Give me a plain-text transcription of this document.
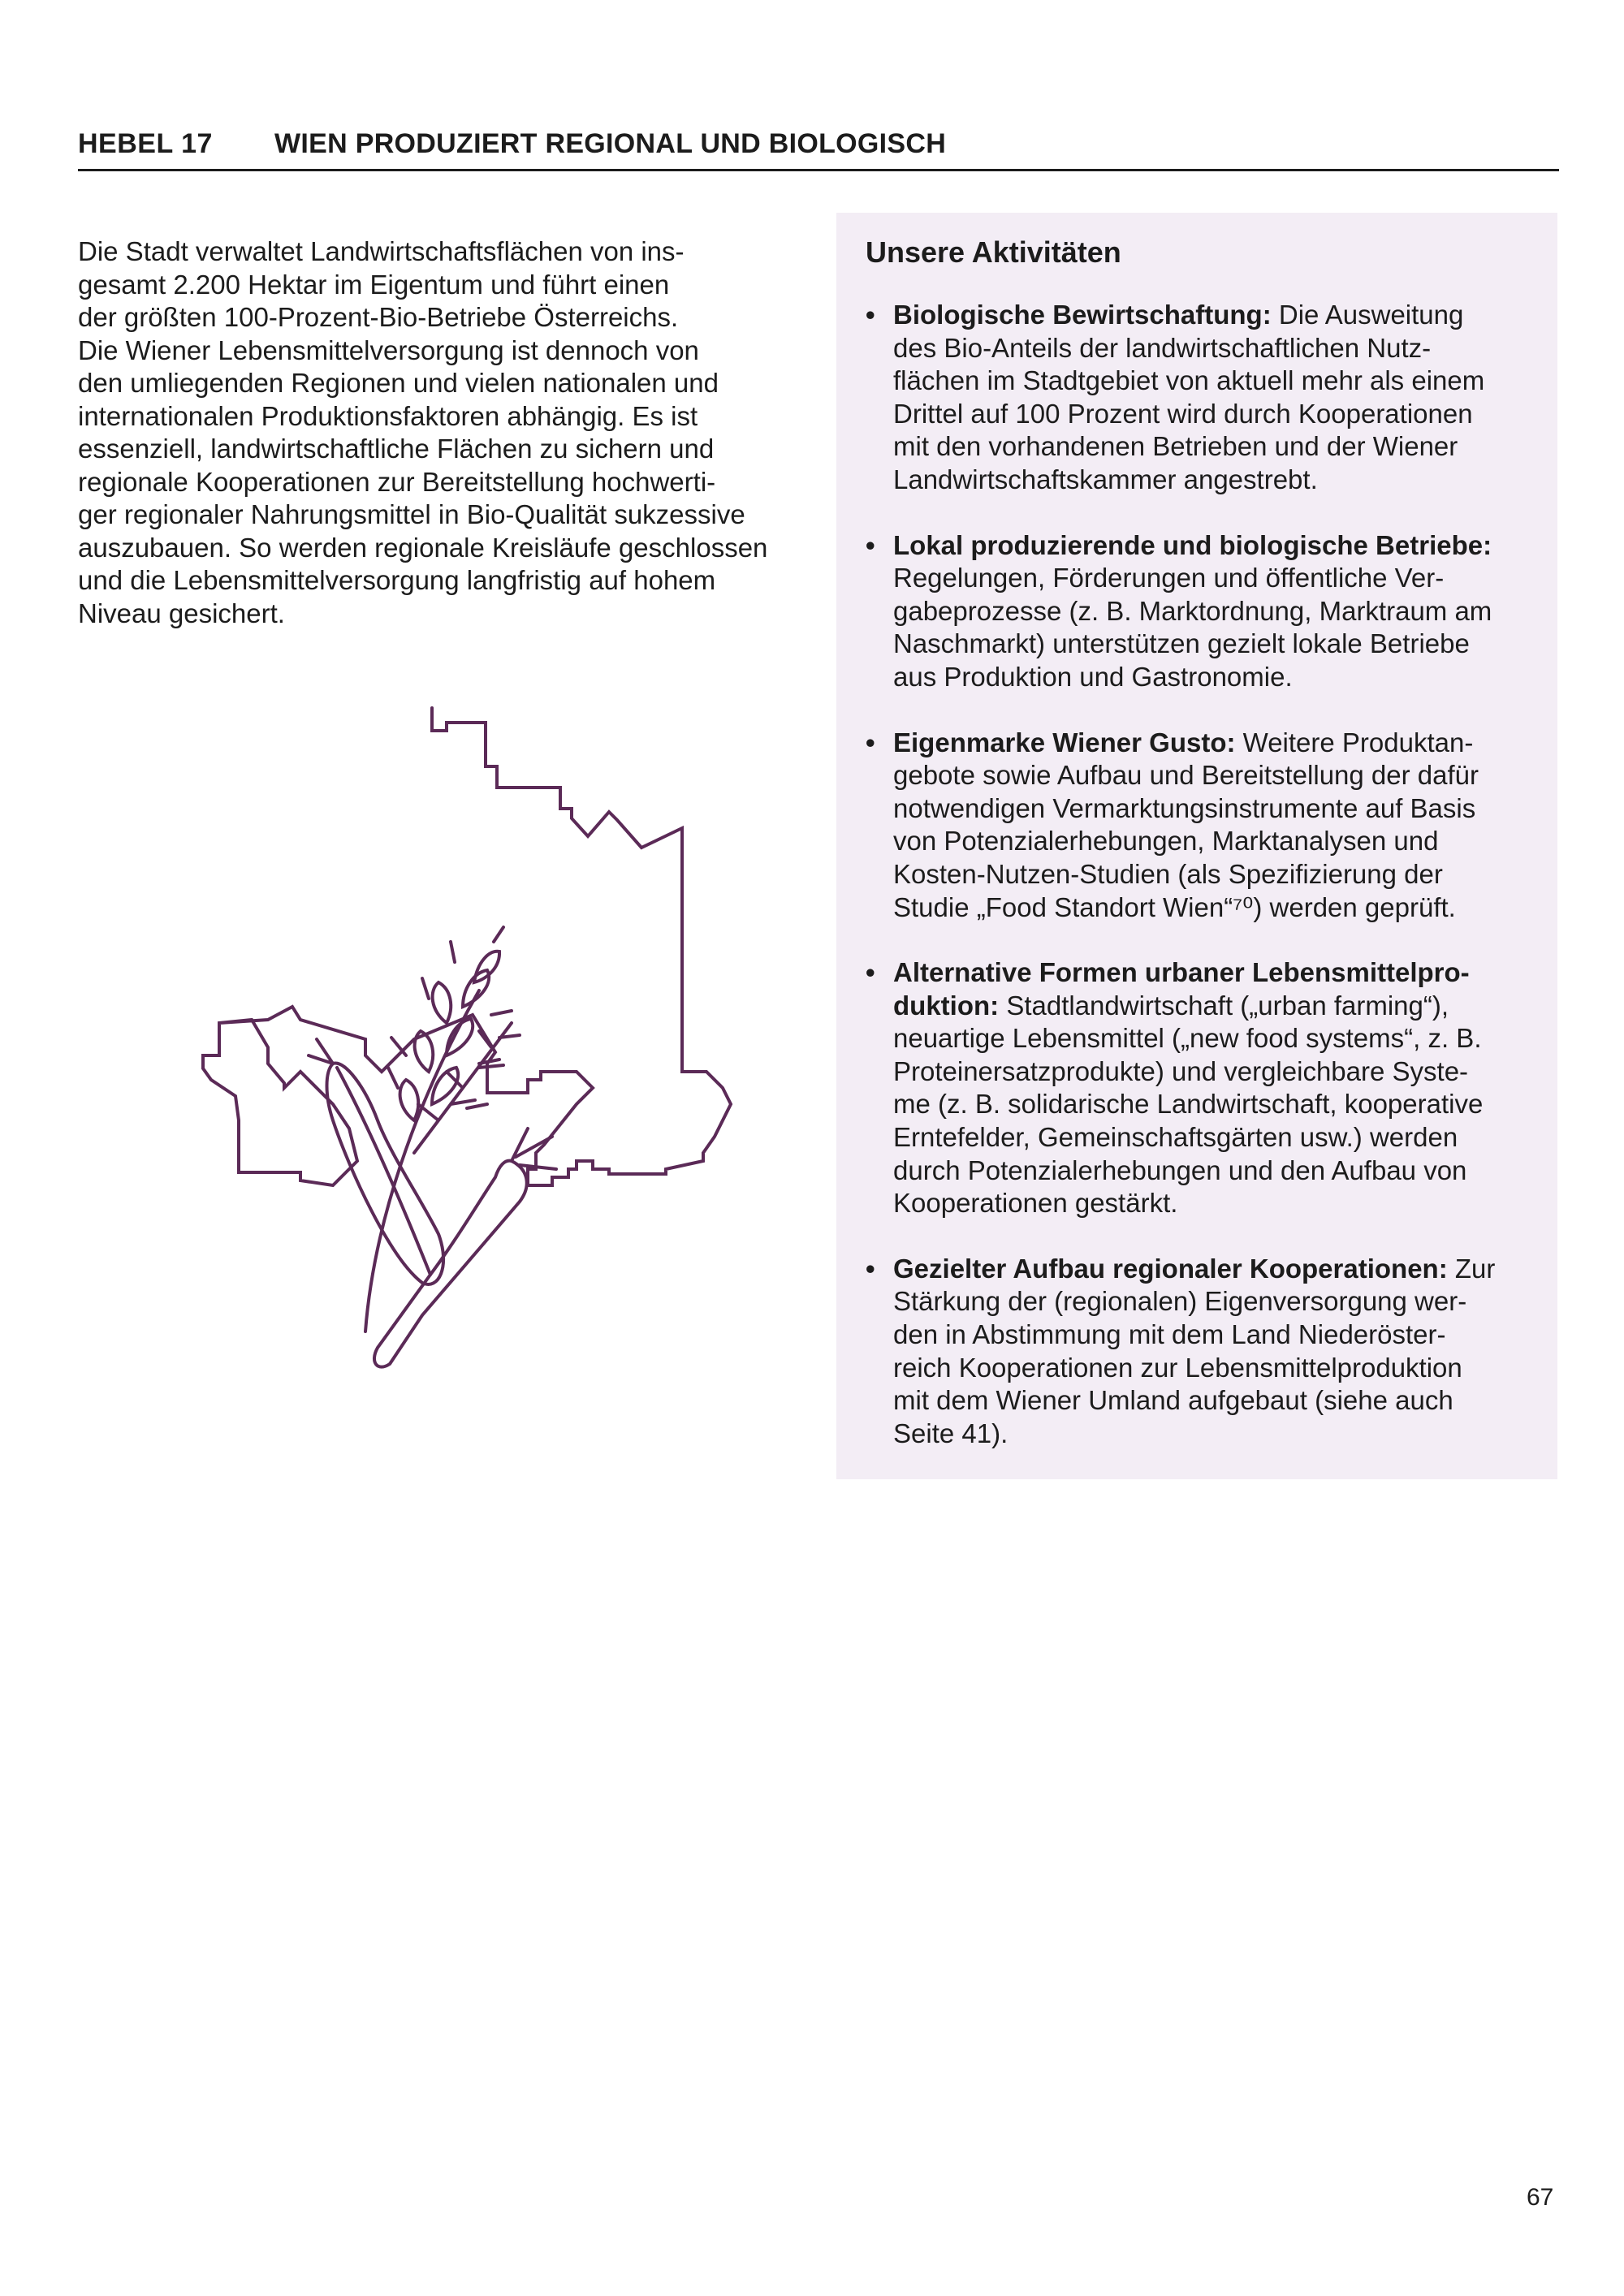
HEBEL 17 WIEN PRODUZIERT REGIONAL UND BIOLOGISCH

Die Stadt verwaltet Landwirtschaftsflächen von ins-
gesamt 2.200 Hektar im Eigentum und führt einen
der größten 100-Prozent-Bio-Betriebe Österreichs.
Die Wiener Lebensmittelversorgung ist dennoch von
den umliegenden Regionen und vielen nationalen und
internationalen Produktionsfaktoren abhängig. Es ist
essenziell, landwirtschaftliche Flächen zu sichern und
regionale Kooperationen zur Bereitstellung hochwerti-
ger regionaler Nahrungsmittel in Bio-Qualität sukzessive
auszubauen. So werden regionale Kreisläufe geschlossen
und die Lebensmittelversorgung langfristig auf hohem
Niveau gesichert.

Unsere Aktivitäten
• Biologische Bewirtschaftung: Die Ausweitung
des Bio-Anteils der landwirtschaftlichen Nutz-
flächen im Stadtgebiet von aktuell mehr als einem
Drittel auf 100 Prozent wird durch Kooperationen
mit den vorhandenen Betrieben und der Wiener
Landwirtschaftskammer angestrebt.
• Lokal produzierende und biologische Betriebe:
Regelungen, Förderungen und öffentliche Ver-
gabeprozesse (z. B. Marktordnung, Marktraum am
Naschmarkt) unterstützen gezielt lokale Betriebe
aus Produktion und Gastronomie.
• Eigenmarke Wiener Gusto: Weitere Produktan-
gebote sowie Aufbau und Bereitstellung der dafür
notwendigen Vermarktungsinstrumente auf Basis
von Potenzialerhebungen, Marktanalysen und
Kosten-Nutzen-Studien (als Spezifizierung der
Studie „Food Standort Wien“⁷⁰) werden geprüft.
• Alternative Formen urbaner Lebensmittelpro- duktion: Stadtlandwirtschaft („urban farming“),
neuartige Lebensmittel („new food systems“, z. B.
Proteinersatzprodukte) und vergleichbare Syste-
me (z. B. solidarische Landwirtschaft, kooperative
Erntefelder, Gemeinschaftsgärten usw.) werden
durch Potenzialerhebungen und den Aufbau von
Kooperationen gestärkt.
• Gezielter Aufbau regionaler Kooperationen: Zur
Stärkung der (regionalen) Eigenversorgung wer-
den in Abstimmung mit dem Land Niederöster-
reich Kooperationen zur Lebensmittelproduktion
mit dem Wiener Umland aufgebaut (siehe auch
Seite 41).
67
